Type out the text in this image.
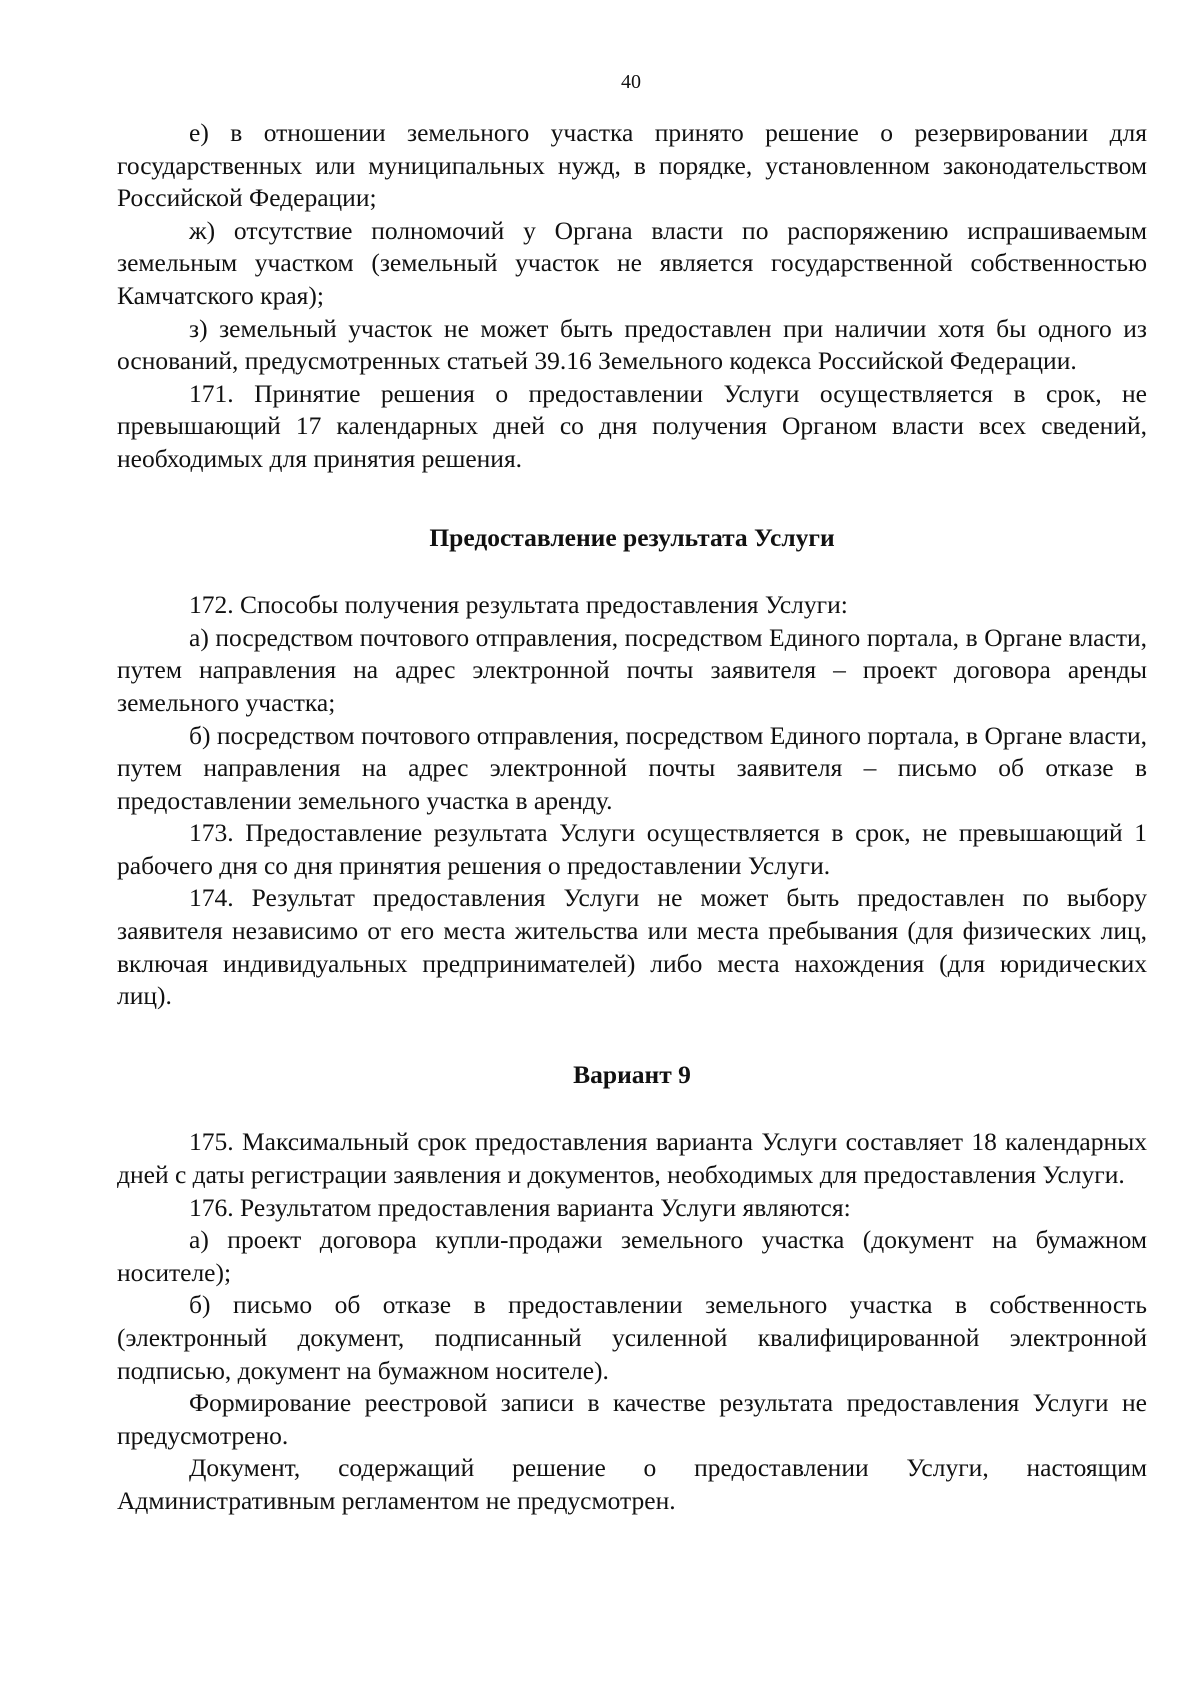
40

е) в отношении земельного участка принято решение о резервировании для государственных или муниципальных нужд, в порядке, установленном законодательством Российской Федерации;

ж) отсутствие полномочий у Органа власти по распоряжению испрашиваемым земельным участком (земельный участок не является государственной собственностью Камчатского края);

з) земельный участок не может быть предоставлен при наличии хотя бы одного из оснований, предусмотренных статьей 39.16 Земельного кодекса Российской Федерации.

171. Принятие решения о предоставлении Услуги осуществляется в срок, не превышающий 17 календарных дней со дня получения Органом власти всех сведений, необходимых для принятия решения.

Предоставление результата Услуги

172. Способы получения результата предоставления Услуги:

а) посредством почтового отправления, посредством Единого портала, в Органе власти, путем направления на адрес электронной почты заявителя – проект договора аренды земельного участка;

б) посредством почтового отправления, посредством Единого портала, в Органе власти, путем направления на адрес электронной почты заявителя – письмо об отказе в предоставлении земельного участка в аренду.

173. Предоставление результата Услуги осуществляется в срок, не превышающий 1 рабочего дня со дня принятия решения о предоставлении Услуги.

174. Результат предоставления Услуги не может быть предоставлен по выбору заявителя независимо от его места жительства или места пребывания (для физических лиц, включая индивидуальных предпринимателей) либо места нахождения (для юридических лиц).

Вариант 9

175. Максимальный срок предоставления варианта Услуги составляет 18 календарных дней с даты регистрации заявления и документов, необходимых для предоставления Услуги.

176. Результатом предоставления варианта Услуги являются:

а) проект договора купли-продажи земельного участка (документ на бумажном носителе);

б) письмо об отказе в предоставлении земельного участка в собственность (электронный документ, подписанный усиленной квалифицированной электронной подписью, документ на бумажном носителе).

Формирование реестровой записи в качестве результата предоставления Услуги не предусмотрено.

Документ, содержащий решение о предоставлении Услуги, настоящим Административным регламентом не предусмотрен.
